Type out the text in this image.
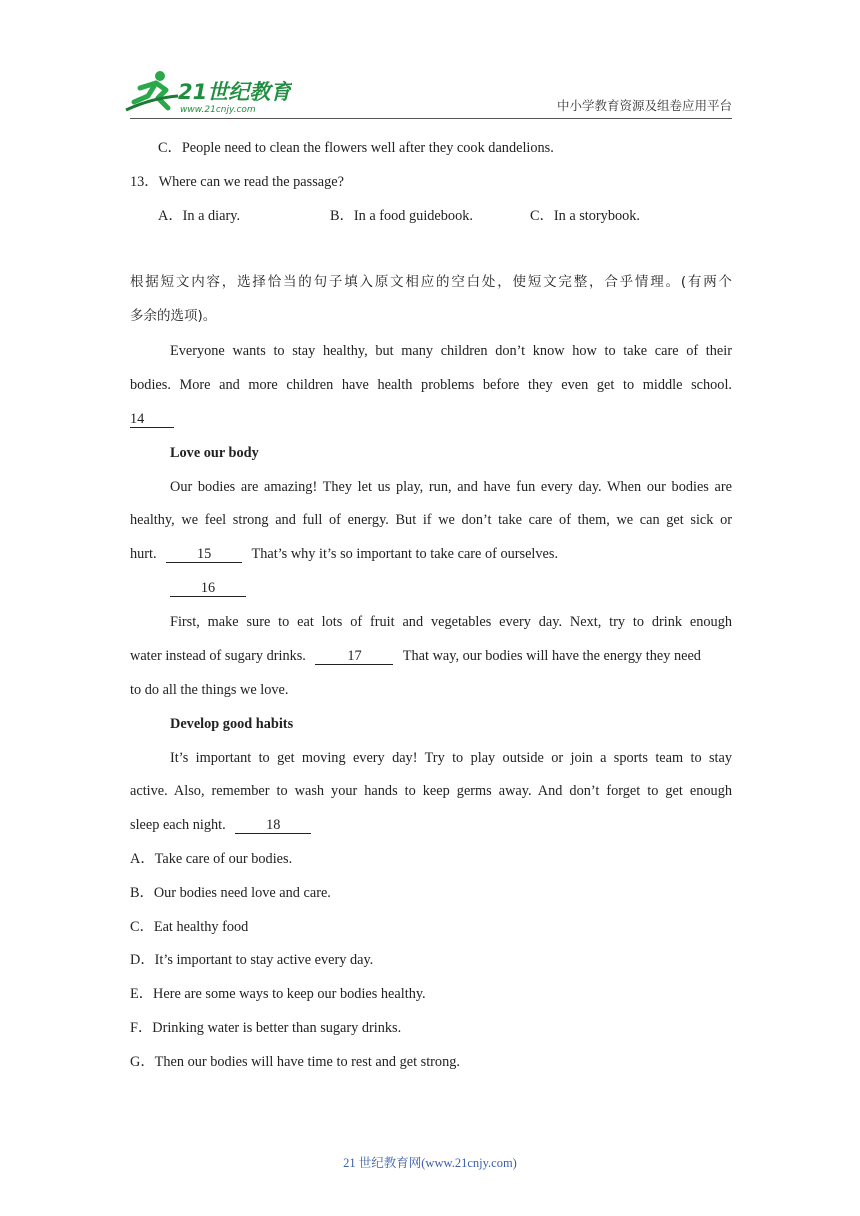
21世纪教育
www.21cnjy.com	中小学教育资源及组卷应用平台
C．People need to clean the flowers well after they cook dandelions.
13．Where can we read the passage?
A．In a diary.	B．In a food guidebook.	C．In a storybook.
根据短文内容，选择恰当的句子填入原文相应的空白处，使短文完整，合乎情理。(有两个
多余的选项)。
Everyone wants to stay healthy, but many children don’t know how to take care of their
bodies. More and more children have health problems before they even get to middle school.
14
Love our body
Our bodies are amazing! They let us play, run, and have fun every day. When our bodies are
healthy, we feel strong and full of energy. But if we don’t take care of them, we can get sick or
hurt.	15	That’s why it’s so important to take care of ourselves.
16
First, make sure to eat lots of fruit and vegetables every day. Next, try to drink enough
water instead of sugary drinks.	17	That way, our bodies will have the energy they need
to do all the things we love.
Develop good habits
It’s important to get moving every day! Try to play outside or join a sports team to stay
active. Also, remember to wash your hands to keep germs away. And don’t forget to get enough
sleep each night.	18
A．Take care of our bodies.
B．Our bodies need love and care.
C．Eat healthy food
D．It’s important to stay active every day.
E．Here are some ways to keep our bodies healthy.
F．Drinking water is better than sugary drinks.
G．Then our bodies will have time to rest and get strong.
21 世纪教育网(www.21cnjy.com)
